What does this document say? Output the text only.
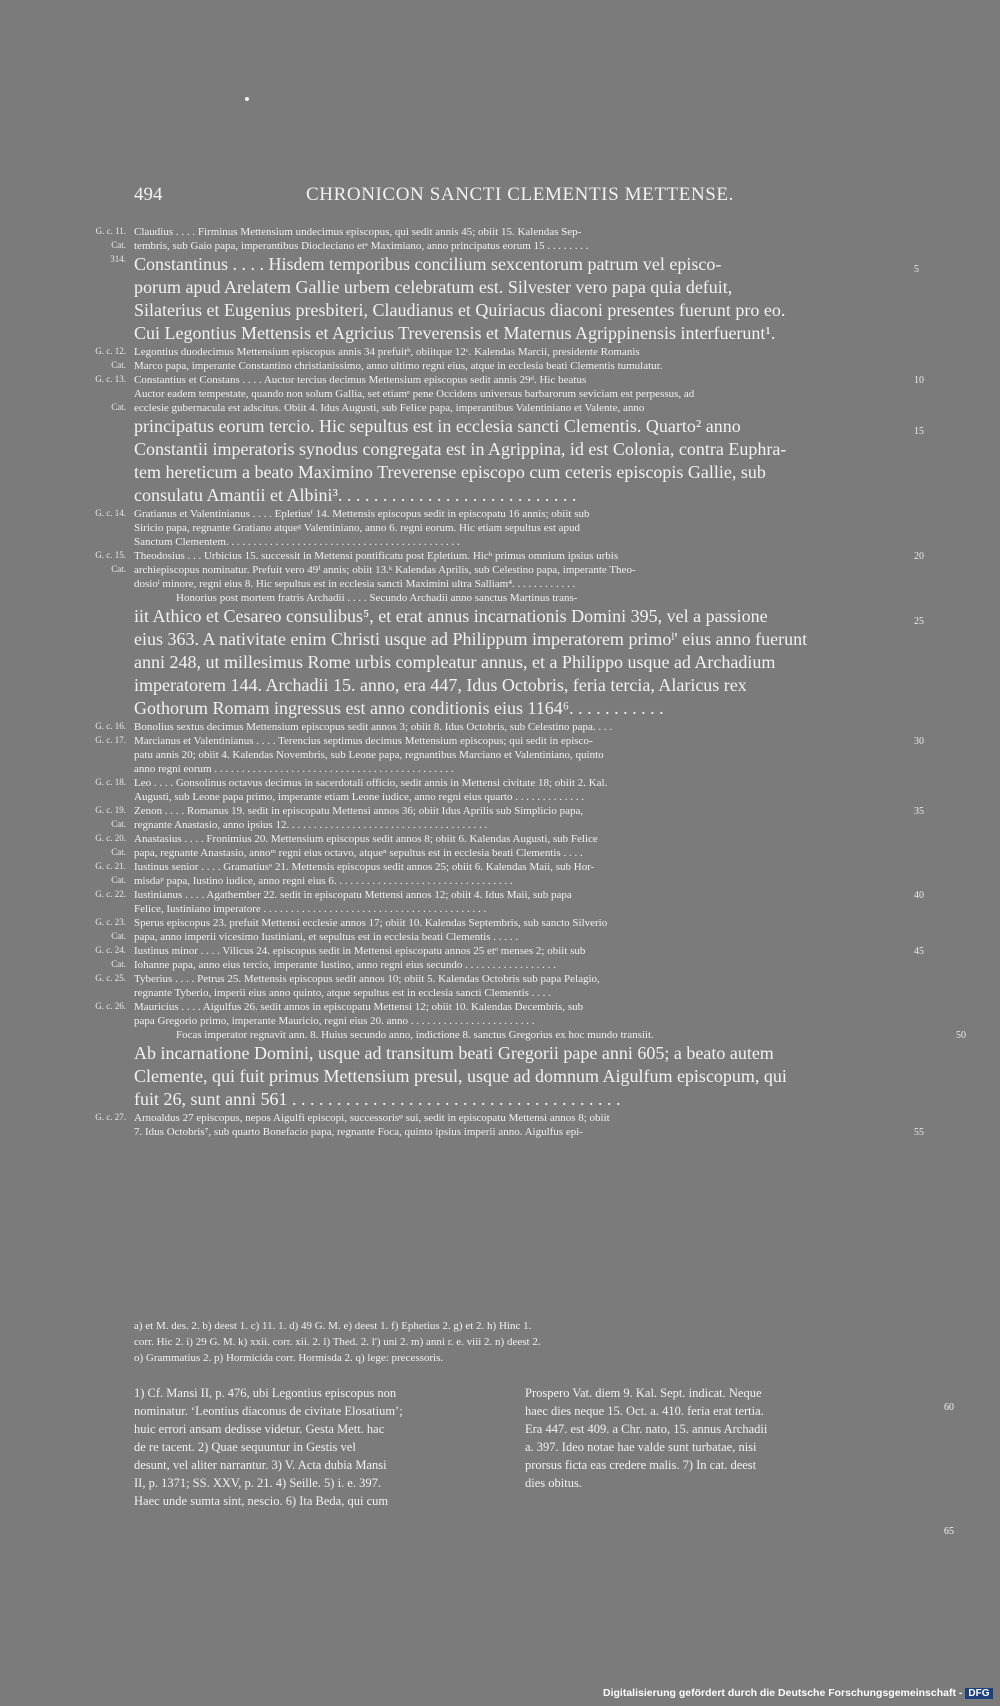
494	CHRONICON SANCTI CLEMENTIS METTENSE.
Claudius . . . . Firminus Mettensium undecimus episcopus, qui sedit annis 45; obiit 15. Kalendas Sep-
tembris, sub Gaio papa, imperantibus Diocleciano etᵃ Maximiano, anno principatus eorum 15 . . . . . . . .
G. c. 11.
Cat.
Constantinus . . . . Hisdem temporibus concilium sexcentorum patrum vel episco-
porum apud Arelatem Gallie urbem celebratum est. Silvester vero papa quia defuit,
Silaterius et Eugenius presbiteri, Claudianus et Quiriacus diaconi presentes fuerunt pro eo.
Cui Legontius Mettensis et Agricius Treverensis et Maternus Agrippinensis interfuerunt¹.
314.
5
Legontius duodecimus Mettensium episcopus annis 34 prefuitᵇ, obiitque 12ᶜ. Kalendas Marcii, presidente Romanis
Marco papa, imperante Constantino christianissimo, anno ultimo regni eius, atque in ecclesia beati Clementis tumulatur.
G. c. 12.
Cat.
Constantius et Constans . . . . Auctor tercius decimus Mettensium episcopus sedit annis 29ᵈ. Hic beatus
Auctor eadem tempestate, quando non solum Gallia, set etiamᵉ pene Occidens universus barbarorum seviciam est perpessus, ad
ecclesie gubernacula est adscitus. Obiit 4. Idus Augusti, sub Felice papa, imperantibus Valentiniano et Valente, anno
G. c. 13.
Cat.
10
principatus eorum tercio. Hic sepultus est in ecclesia sancti Clementis. Quarto² anno
Constantii imperatoris synodus congregata est in Agrippina, id est Colonia, contra Euphra-
tem hereticum a beato Maximino Treverense episcopo cum ceteris episcopis Gallie, sub
consulatu Amantii et Albini³. . . . . . . . . . . . . . . . . . . . . . . . . . .
15
Gratianus et Valentinianus . . . . Epletiusᶠ 14. Mettensis episcopus sedit in episcopatu 16 annis; obiit sub
Siricio papa, regnante Gratiano atqueᵍ Valentiniano, anno 6. regni eorum. Hic etiam sepultus est apud
Sanctum Clementem. . . . . . . . . . . . . . . . . . . . . . . . . . . . . . . . . . . . . . . . . . .
G. c. 14.
Theodosius . . . Urbicius 15. successit in Mettensi pontificatu post Epletium. Hicʰ primus omnium ipsius urbis
archiepiscopus nominatur. Prefuit vero 49ⁱ annis; obiit 13.ᵏ Kalendas Aprilis, sub Celestino papa, imperante Theo-
dosioˡ minore, regni eius 8. Hic sepultus est in ecclesia sancti Maximini ultra Salliam⁴. . . . . . . . . . . .
G. c. 15.
Cat.
20
Honorius post mortem fratris Archadii . . . . Secundo Archadii anno sanctus Martinus trans-
iit Athico et Cesareo consulibus⁵, et erat annus incarnationis Domini 395, vel a passione
eius 363. A nativitate enim Christi usque ad Philippum imperatorem primoˡ' eius anno fuerunt
anni 248, ut millesimus Rome urbis compleatur annus, et a Philippo usque ad Archadium
imperatorem 144. Archadii 15. anno, era 447, Idus Octobris, feria tercia, Alaricus rex
Gothorum Romam ingressus est anno conditionis eius 1164⁶. . . . . . . . . . .
25
Bonolius sextus decimus Mettensium episcopus sedit annos 3; obiit 8. Idus Octobris, sub Celestino papa. . . .
G. c. 16.
Marcianus et Valentinianus . . . . Terencius septimus decimus Mettensium episcopus; qui sedit in episco-
patu annis 20; obiit 4. Kalendas Novembris, sub Leone papa, regnantibus Marciano et Valentiniano, quinto
anno regni eorum . . . . . . . . . . . . . . . . . . . . . . . . . . . . . . . . . . . . . . . . . . . .
G. c. 17.	30
Leo . . . . Gonsolinus octavus decimus in sacerdotali officio, sedit annis in Mettensi civitate 18; obiit 2. Kal.
Augusti, sub Leone papa primo, imperante etiam Leone iudice, anno regni eius quarto . . . . . . . . . . . . .
G. c. 18.
Zenon . . . . Romanus 19. sedit in episcopatu Mettensi annos 36; obiit Idus Aprilis sub Simplicio papa,
regnante Anastasio, anno ipsius 12. . . . . . . . . . . . . . . . . . . . . . . . . . . . . . . . . . . . .
G. c. 19.
Cat.
35
Anastasius . . . . Fronimius 20. Mettensium episcopus sedit annos 8; obiit 6. Kalendas Augusti, sub Felice
papa, regnante Anastasio, annoᵐ regni eius octavo, atqueⁿ sepultus est in ecclesia beati Clementis . . . .
G. c. 20.
Cat.
Iustinus senior . . . . Gramatiusᵒ 21. Mettensis episcopus sedit annos 25; obiit 6. Kalendas Maii, sub Hor-
misdaᵖ papa, Iustino iudice, anno regni eius 6. . . . . . . . . . . . . . . . . . . . . . . . . . . . . . . . .
G. c. 21.
Cat.
Iustinianus . . . . Agathember 22. sedit in episcopatu Mettensi annos 12; obiit 4. Idus Maii, sub papa
Felice, Iustiniano imperatore . . . . . . . . . . . . . . . . . . . . . . . . . . . . . . . . . . . . . . . . .
G. c. 22.	40
Sperus episcopus 23. prefuit Mettensi ecclesie annos 17; obiit 10. Kalendas Septembris, sub sancto Silverio
papa, anno imperii vicesimo Iustiniani, et sepultus est in ecclesia beati Clementis . . . . .
G. c. 23.
Cat.
Iustinus minor . . . . Vilicus 24. episcopus sedit in Mettensi episcopatu annos 25 etᵒ menses 2; obiit sub
Iohanne papa, anno eius tercio, imperante Iustino, anno regni eius secundo . . . . . . . . . . . . . . . . .
G. c. 24.
Cat.
45
Tyberius . . . . Petrus 25. Mettensis episcopus sedit annos 10; obiit 5. Kalendas Octobris sub papa Pelagio,
regnante Tyberio, imperii eius anno quinto, atque sepultus est in ecclesia sancti Clementis . . . .
G. c. 25.
Mauricius . . . . Aigulfus 26. sedit annos in episcopatu Mettensi 12; obiit 10. Kalendas Decembris, sub
papa Gregorio primo, imperante Mauricio, regni eius 20. anno . . . . . . . . . . . . . . . . . . . . . . .
G. c. 26.
Focas imperator regnavit ann. 8. Huius secundo anno, indictione 8. sanctus Gregorius ex hoc mundo transiit.	50
Ab incarnatione Domini, usque ad transitum beati Gregorii pape anni 605; a beato autem
Clemente, qui fuit primus Mettensium presul, usque ad domnum Aigulfum episcopum, qui
fuit 26, sunt anni 561 . . . . . . . . . . . . . . . . . . . . . . . . . . . . . . . . . . . . .
Arnoaldus 27 episcopus, nepos Aigulfi episcopi, successorisᵠ sui, sedit in episcopatu Mettensi annos 8; obiit
G. c. 27.
7. Idus Octobris⁷, sub quarto Bonefacio papa, regnante Foca, quinto ipsius imperii anno. Aigulfus epi-	55
a) et M. des. 2. b) deest 1. c) 11. 1. d) 49 G. M. e) deest 1. f) Ephetius 2. g) et 2. h) Hinc 1.
corr. Hic 2. i) 29 G. M. k) xxii. corr. xii. 2. l) Thed. 2. l') uni 2. m) anni r. e. viii 2. n) deest 2.
o) Grammatius 2. p) Hormicida corr. Hormisda 2. q) lege: precessoris.
1) Cf. Mansi II, p. 476, ubi Legontius episcopus non
nominatur. ‘Leontius diaconus de civitate Elosatium’;
huic errori ansam dedisse videtur. Gesta Mett. hac
de re tacent. 2) Quae sequuntur in Gestis vel
desunt, vel aliter narrantur. 3) V. Acta dubia Mansi
II, p. 1371; SS. XXV, p. 21. 4) Seille. 5) i. e. 397.
Haec unde sumta sint, nescio. 6) Ita Beda, qui cum
Prospero Vat. diem 9. Kal. Sept. indicat. Neque
haec dies neque 15. Oct. a. 410. feria erat tertia.
Era 447. est 409. a Chr. nato, 15. annus Archadii
a. 397. Ideo notae hae valde sunt turbatae, nisi
prorsus ficta eas credere malis. 7) In cat. deest
dies obitus.
60
65
Digitalisierung gefördert durch die Deutsche Forschungsgemeinschaft - DFG
